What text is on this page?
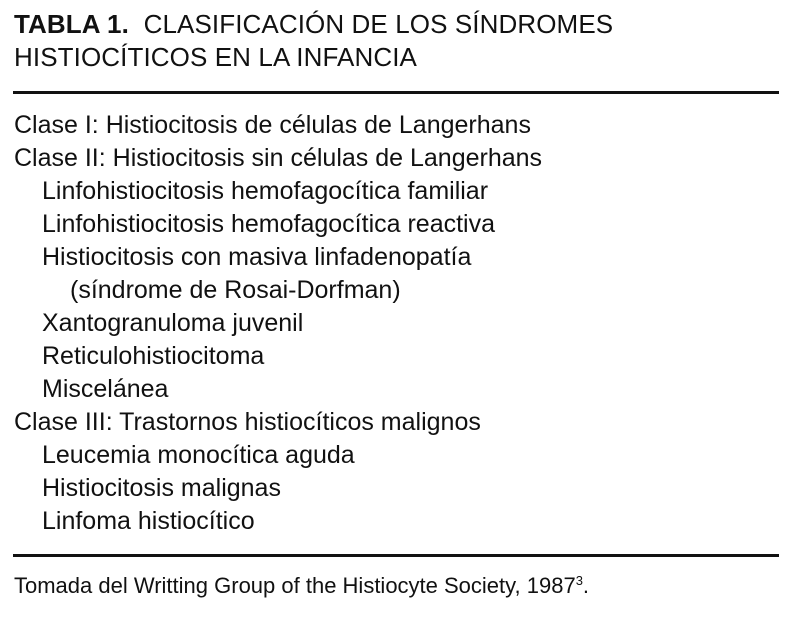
TABLA 1. CLASIFICACIÓN DE LOS SÍNDROMES
HISTIOCÍTICOS EN LA INFANCIA
Clase I: Histiocitosis de células de Langerhans
Clase II: Histiocitosis sin células de Langerhans
Linfohistiocitosis hemofagocítica familiar
Linfohistiocitosis hemofagocítica reactiva
Histiocitosis con masiva linfadenopatía
(síndrome de Rosai-Dorfman)
Xantogranuloma juvenil
Reticulohistiocitoma
Miscelánea
Clase III: Trastornos histiocíticos malignos
Leucemia monocítica aguda
Histiocitosis malignas
Linfoma histiocítico
Tomada del Writting Group of the Histiocyte Society, 1987$^3$.
